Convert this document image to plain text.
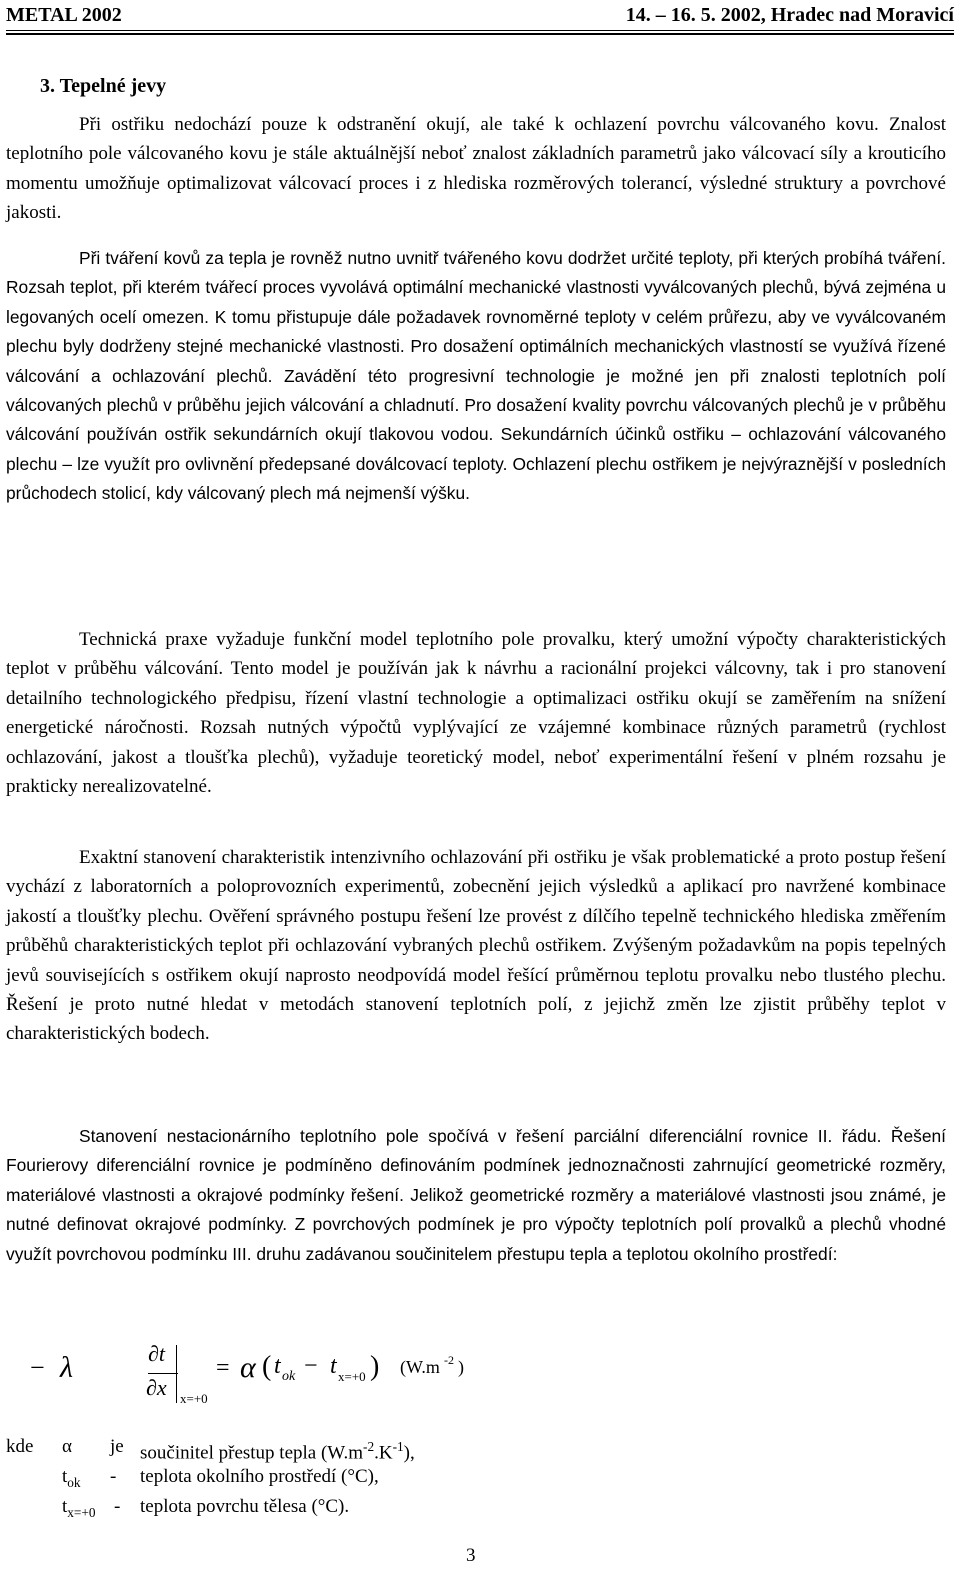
METAL 2002	14. – 16. 5. 2002, Hradec nad Moravicí
3. Tepelné jevy

Při ostřiku nedochází pouze k odstranění okují, ale také k ochlazení povrchu válcovaného kovu. Znalost teplotního pole válcovaného kovu je stále aktuálnější neboť znalost základních parametrů jako válcovací síly a krouticího momentu umožňuje optimalizovat válcovací proces i z hlediska rozměrových tolerancí, výsledné struktury a povrchové jakosti.

Při tváření kovů za tepla je rovněž nutno uvnitř tvářeného kovu dodržet určité teploty, při kterých probíhá tváření. Rozsah teplot, při kterém tvářecí proces vyvolává optimální mechanické vlastnosti vyválcovaných plechů, bývá zejména u legovaných ocelí omezen. K tomu přistupuje dále požadavek rovnoměrné teploty v celém průřezu, aby ve vyválcovaném plechu byly dodrženy stejné mechanické vlastnosti. Pro dosažení optimálních mechanických vlastností se využívá řízené válcování a ochlazování plechů. Zavádění této progresivní technologie je možné jen při znalosti teplotních polí válcovaných plechů v průběhu jejich válcování a chladnutí. Pro dosažení kvality povrchu válcovaných plechů je v průběhu válcování používán ostřik sekundárních okují tlakovou vodou. Sekundárních účinků ostřiku – ochlazování válcovaného plechu – lze využít pro ovlivnění předepsané doválcovací teploty. Ochlazení plechu ostřikem je nejvýraznější v posledních průchodech stolicí, kdy válcovaný plech má nejmenší výšku.

Technická praxe vyžaduje funkční model teplotního pole provalku, který umožní výpočty charakteristických teplot v průběhu válcování. Tento model je používán jak k návrhu a racionální projekci válcovny, tak i pro stanovení detailního technologického předpisu, řízení vlastní technologie a optimalizaci ostřiku okují se zaměřením na snížení energetické náročnosti. Rozsah nutných výpočtů vyplývající ze vzájemné kombinace různých parametrů (rychlost ochlazování, jakost a tloušťka plechů), vyžaduje teoretický model, neboť experimentální řešení v plném rozsahu je prakticky nerealizovatelné.

Exaktní stanovení charakteristik intenzivního ochlazování při ostřiku je však problematické a proto postup řešení vychází z laboratorních a poloprovozních experimentů, zobecnění jejich výsledků a aplikací pro navržené kombinace jakostí a tloušťky plechu. Ověření správného postupu řešení lze provést z dílčího tepelně technického hlediska změřením průběhů charakteristických teplot při ochlazování vybraných plechů ostřikem. Zvýšeným požadavkům na popis tepelných jevů souvisejících s ostřikem okují naprosto neodpovídá model řešící průměrnou teplotu provalku nebo tlustého plechu. Řešení je proto nutné hledat v metodách stanovení teplotních polí, z jejichž změn lze zjistit průběhy teplot v charakteristických bodech.

Stanovení nestacionárního teplotního pole spočívá v řešení parciální diferenciální rovnice II. řádu. Řešení Fourierovy diferenciální rovnice je podmíněno definováním podmínek jednoznačnosti zahrnující geometrické rozměry, materiálové vlastnosti a okrajové podmínky řešení. Jelikož geometrické rozměry a materiálové vlastnosti jsou známé, je nutné definovat okrajové podmínky. Z povrchových podmínek je pro výpočty teplotních polí provalků a plechů vhodné využít povrchovou podmínku III. druhu zadávanou součinitelem přestupu tepla a teplotou okolního prostředí:

− λ	∂t
∂x x=+0
= α ( t ok − t x=+0 ) (W.m -2 )
kde α je součinitel přestup tepla $(W.m^{-2}.K^{-1})$,
$t_{ok}$ - teplota okolního prostředí (°C),
$t_{x=+0}$ - teplota povrchu tělesa (°C).
3
